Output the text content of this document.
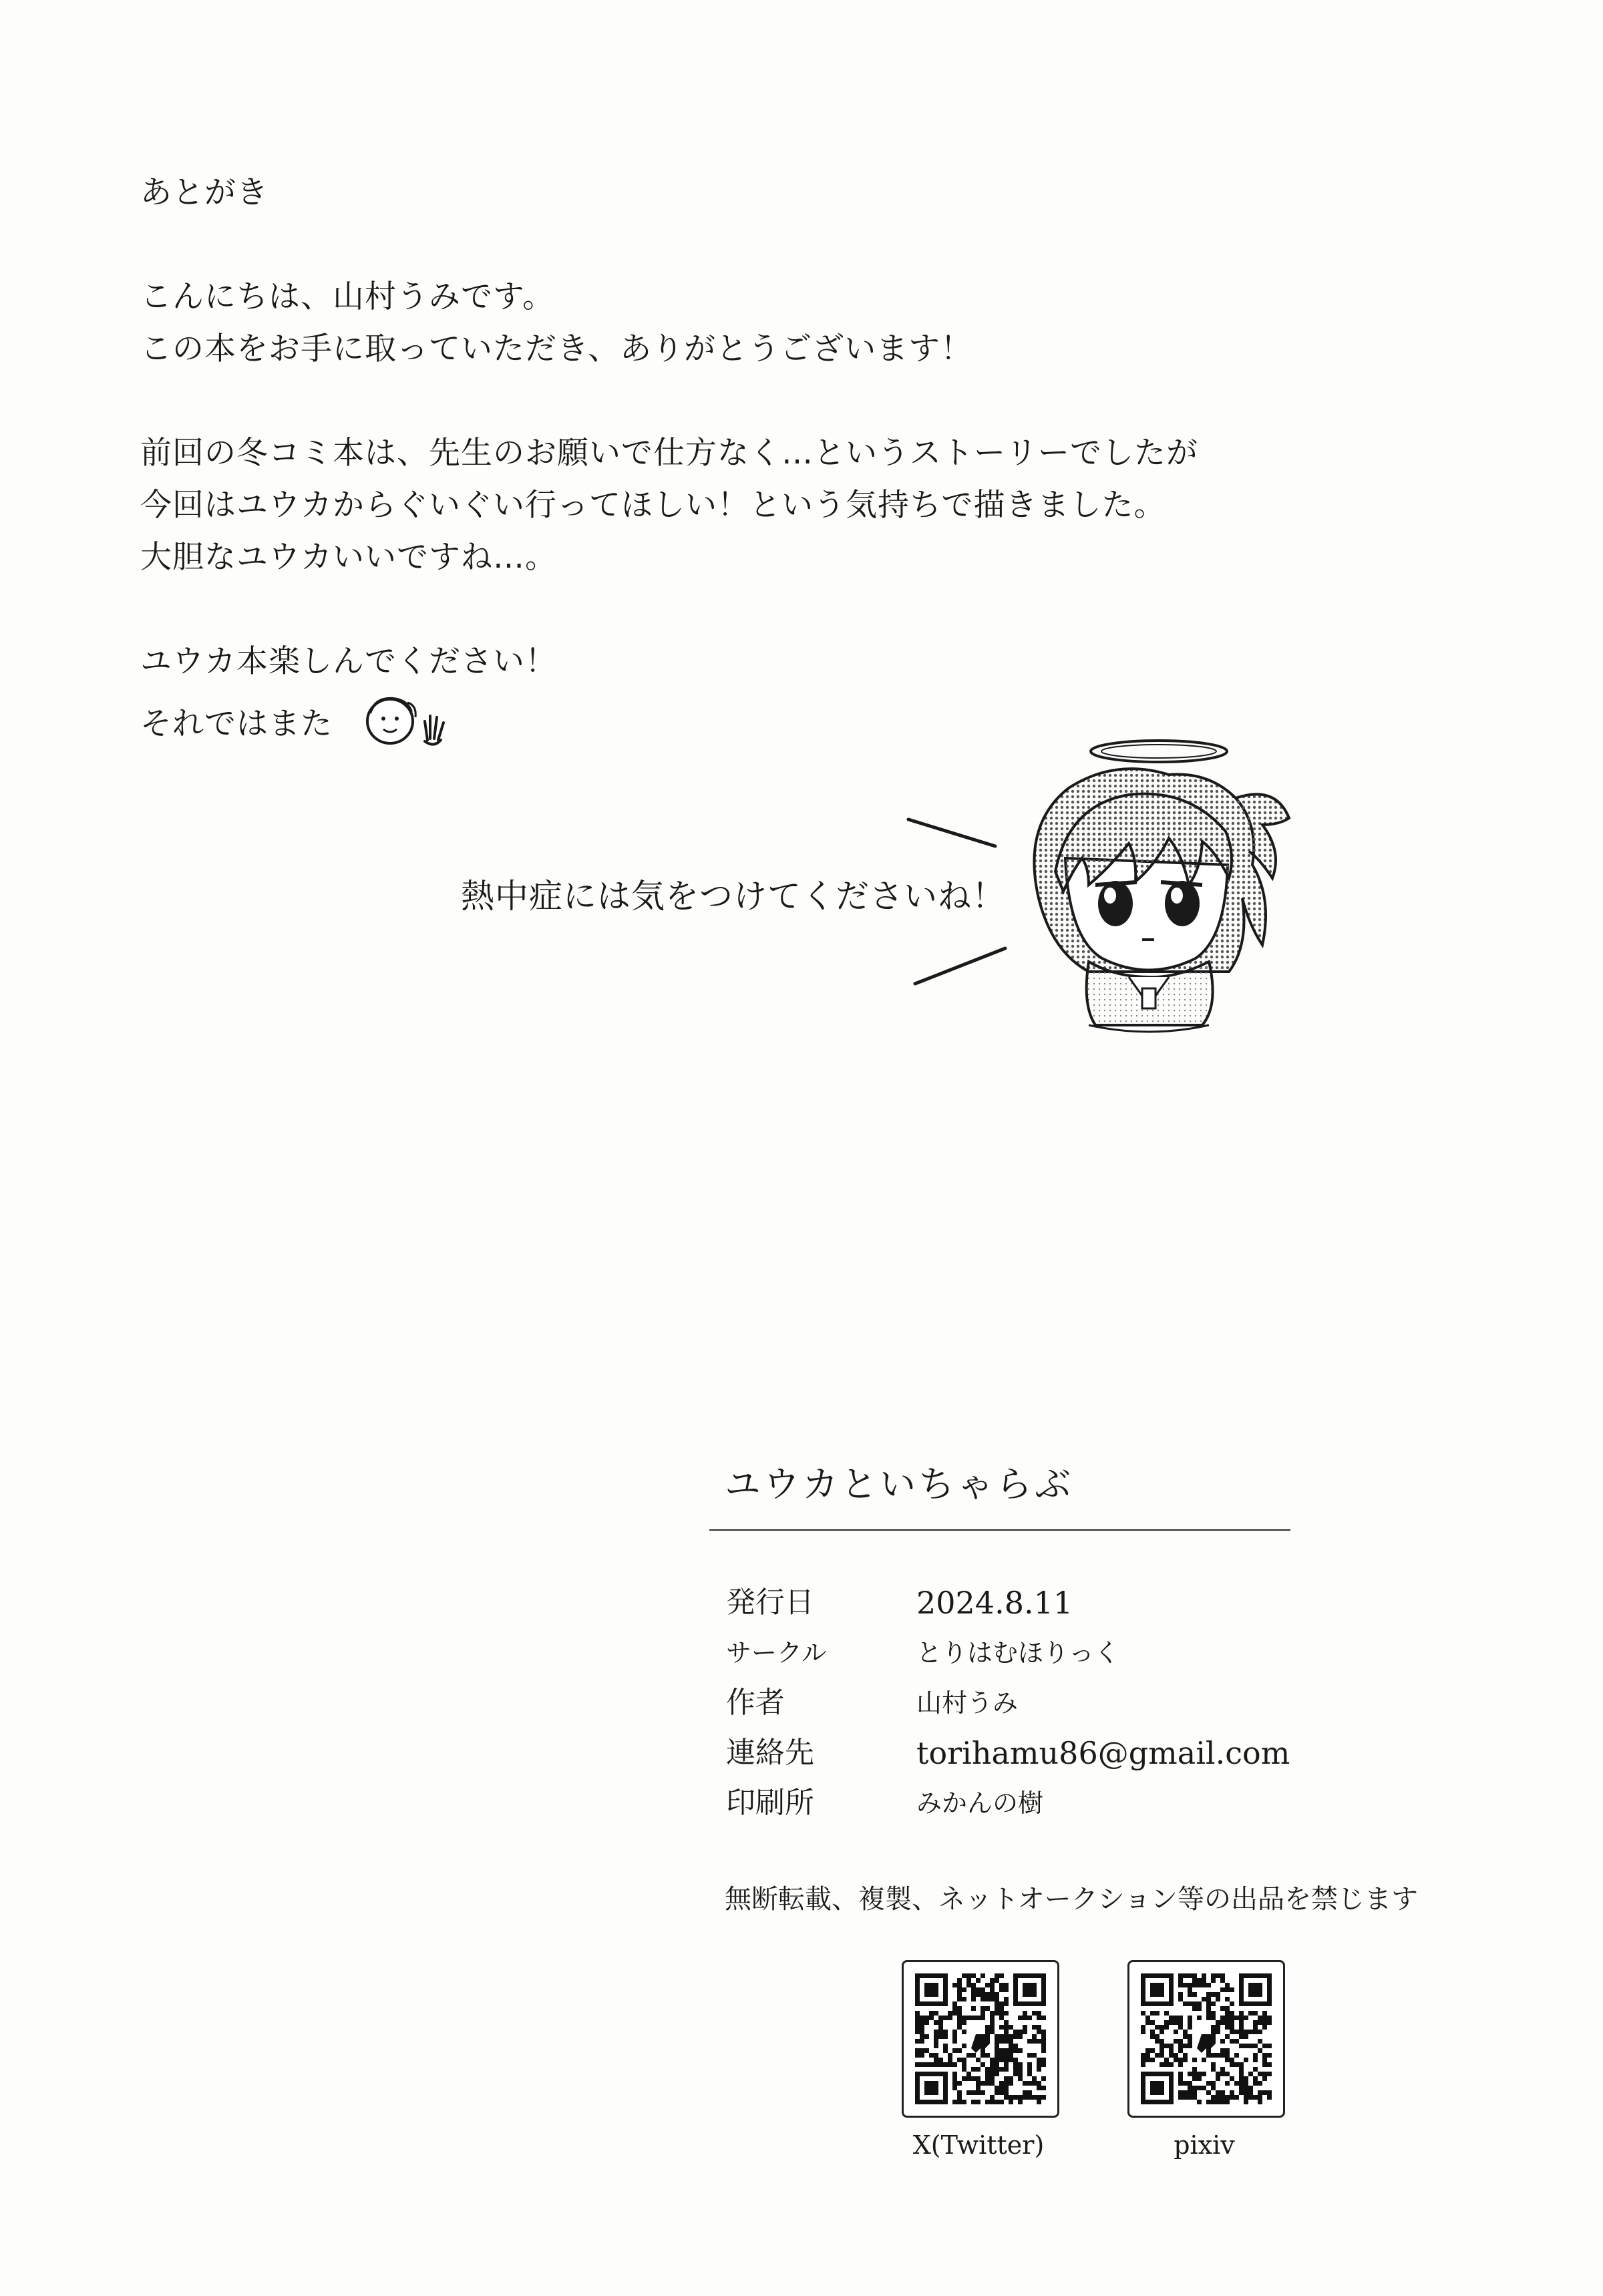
あとがき
こんにちは、山村うみです。
この本をお手に取っていただき、ありがとうございます！
前回の冬コミ本は、先生のお願いで仕方なく…というストーリーでしたが
今回はユウカからぐいぐい行ってほしい！という気持ちで描きました。
大胆なユウカいいですね…。
ユウカ本楽しんでください！
それではまた
熱中症には気をつけてくださいね！
ユウカといちゃらぶ
発行日	2024.8.11
サークル	とりはむほりっく
作者	山村うみ
連絡先	torihamu86@gmail.com
印刷所	みかんの樹
無断転載、複製、ネットオークション等の出品を禁じます
X(Twitter)	pixiv
